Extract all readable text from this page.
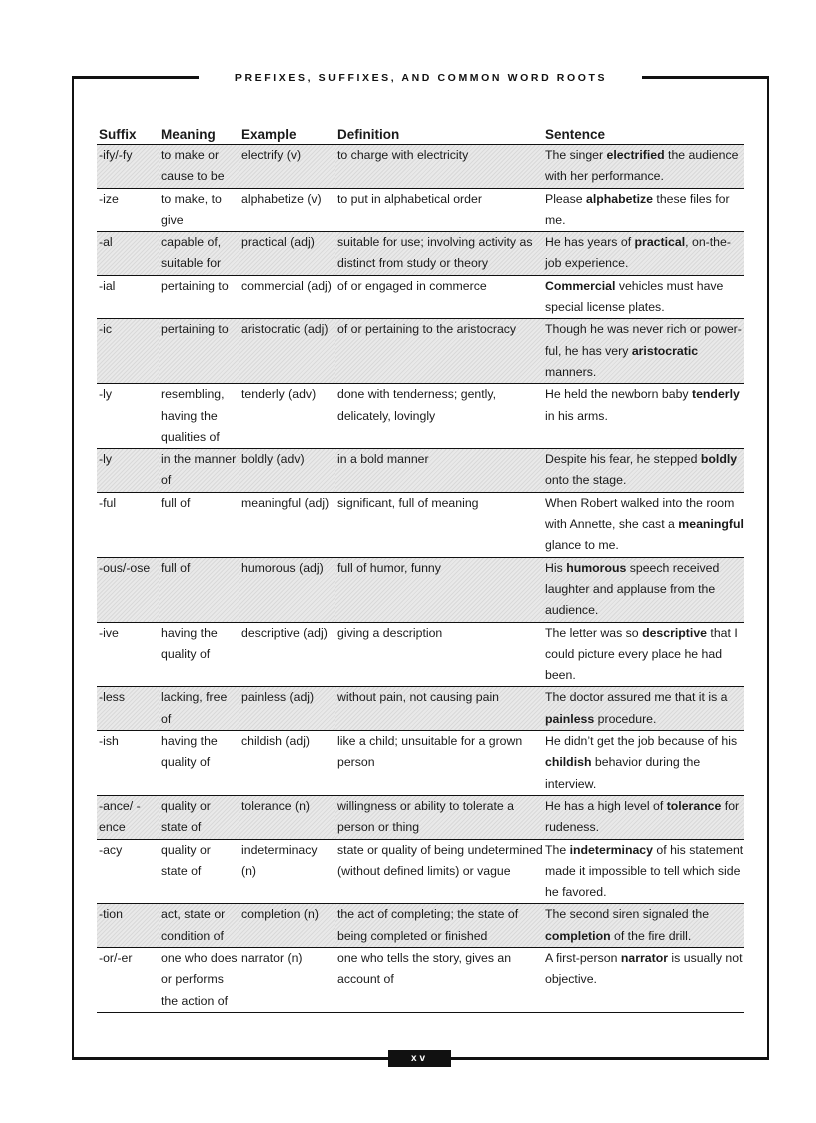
PREFIXES, SUFFIXES, AND COMMON WORD ROOTS
Suffix	Meaning	Example	Definition	Sentence
-ify/-fy	to make or cause to be	electrify (v)	to charge with electricity	The singer electrified the audience with her performance.
-ize	to make, to give	alphabetize (v)	to put in alphabetical order	Please alphabetize these files for me.
-al	capable of, suitable for	practical (adj)	suitable for use; involving activity as distinct from study or theory	He has years of practical, on-the-job experience.
-ial	pertaining to	commercial (adj)	of or engaged in commerce	Commercial vehicles must have special license plates.
-ic	pertaining to	aristocratic (adj)	of or pertaining to the aristocracy	Though he was never rich or power-ful, he has very aristocratic manners.
-ly	resembling, having the qualities of	tenderly (adv)	done with tenderness; gently, delicately, lovingly	He held the newborn baby tenderly in his arms.
-ly	in the manner of	boldly (adv)	in a bold manner	Despite his fear, he stepped boldly onto the stage.
-ful	full of	meaningful (adj)	significant, full of meaning	When Robert walked into the room with Annette, she cast a meaningful glance to me.
-ous/-ose	full of	humorous (adj)	full of humor, funny	His humorous speech received laughter and applause from the audience.
-ive	having the quality of	descriptive (adj)	giving a description	The letter was so descriptive that I could picture every place he had been.
-less	lacking, free of	painless (adj)	without pain, not causing pain	The doctor assured me that it is a painless procedure.
-ish	having the quality of	childish (adj)	like a child; unsuitable for a grown person	He didn’t get the job because of his childish behavior during the interview.
-ance/ -ence	quality or state of	tolerance (n)	willingness or ability to tolerate a person or thing	He has a high level of tolerance for rudeness.
-acy	quality or state of	indeterminacy (n)	state or quality of being undetermined (without defined limits) or vague	The indeterminacy of his statement made it impossible to tell which side he favored.
-tion	act, state or condition of	completion (n)	the act of completing; the state of being completed or finished	The second siren signaled the completion of the fire drill.
-or/-er	one who does or performs the action of	narrator (n)	one who tells the story, gives an account of	A first-person narrator is usually not objective.
xv
